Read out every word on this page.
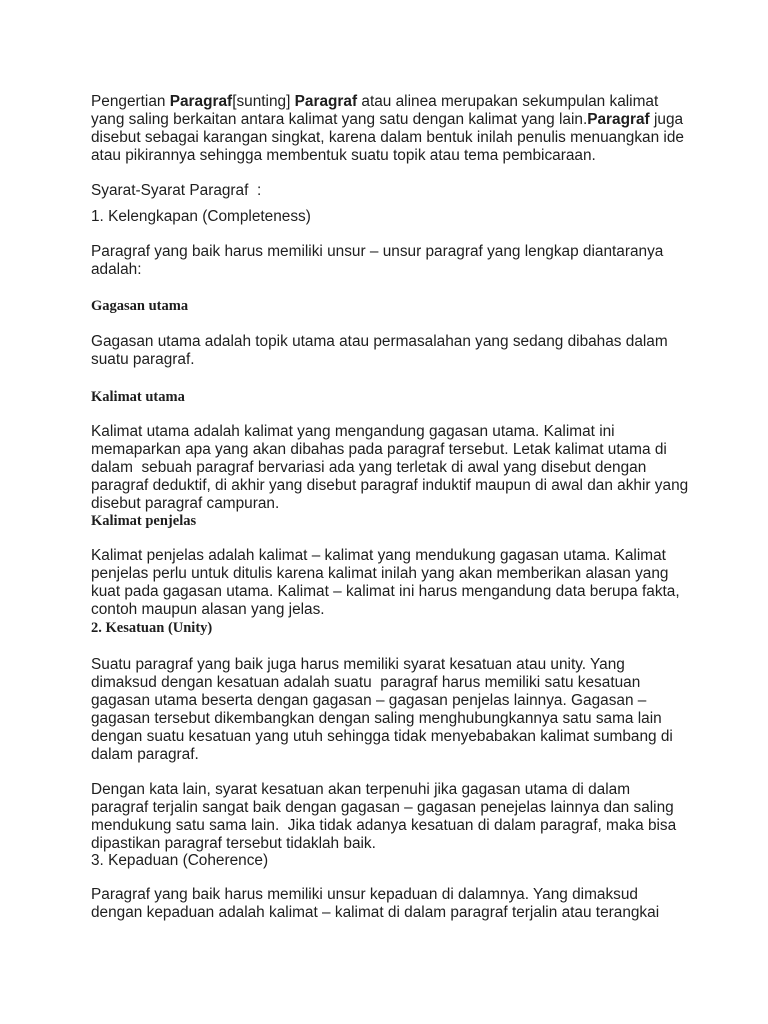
Pengertian Paragraf[sunting] Paragraf atau alinea merupakan sekumpulan kalimat
yang saling berkaitan antara kalimat yang satu dengan kalimat yang lain.Paragraf juga
disebut sebagai karangan singkat, karena dalam bentuk inilah penulis menuangkan ide
atau pikirannya sehingga membentuk suatu topik atau tema pembicaraan.
Syarat-Syarat Paragraf  :
1. Kelengkapan (Completeness)
Paragraf yang baik harus memiliki unsur – unsur paragraf yang lengkap diantaranya
adalah:
Gagasan utama
Gagasan utama adalah topik utama atau permasalahan yang sedang dibahas dalam
suatu paragraf.
Kalimat utama
Kalimat utama adalah kalimat yang mengandung gagasan utama. Kalimat ini
memaparkan apa yang akan dibahas pada paragraf tersebut. Letak kalimat utama di
dalam  sebuah paragraf bervariasi ada yang terletak di awal yang disebut dengan
paragraf deduktif, di akhir yang disebut paragraf induktif maupun di awal dan akhir yang
disebut paragraf campuran.
Kalimat penjelas
Kalimat penjelas adalah kalimat – kalimat yang mendukung gagasan utama. Kalimat
penjelas perlu untuk ditulis karena kalimat inilah yang akan memberikan alasan yang
kuat pada gagasan utama. Kalimat – kalimat ini harus mengandung data berupa fakta,
contoh maupun alasan yang jelas.
2. Kesatuan (Unity)
Suatu paragraf yang baik juga harus memiliki syarat kesatuan atau unity. Yang
dimaksud dengan kesatuan adalah suatu  paragraf harus memiliki satu kesatuan
gagasan utama beserta dengan gagasan – gagasan penjelas lainnya. Gagasan –
gagasan tersebut dikembangkan dengan saling menghubungkannya satu sama lain
dengan suatu kesatuan yang utuh sehingga tidak menyebabakan kalimat sumbang di
dalam paragraf.
Dengan kata lain, syarat kesatuan akan terpenuhi jika gagasan utama di dalam
paragraf terjalin sangat baik dengan gagasan – gagasan penejelas lainnya dan saling
mendukung satu sama lain.  Jika tidak adanya kesatuan di dalam paragraf, maka bisa
dipastikan paragraf tersebut tidaklah baik.
3. Kepaduan (Coherence)
Paragraf yang baik harus memiliki unsur kepaduan di dalamnya. Yang dimaksud
dengan kepaduan adalah kalimat – kalimat di dalam paragraf terjalin atau terangkai
